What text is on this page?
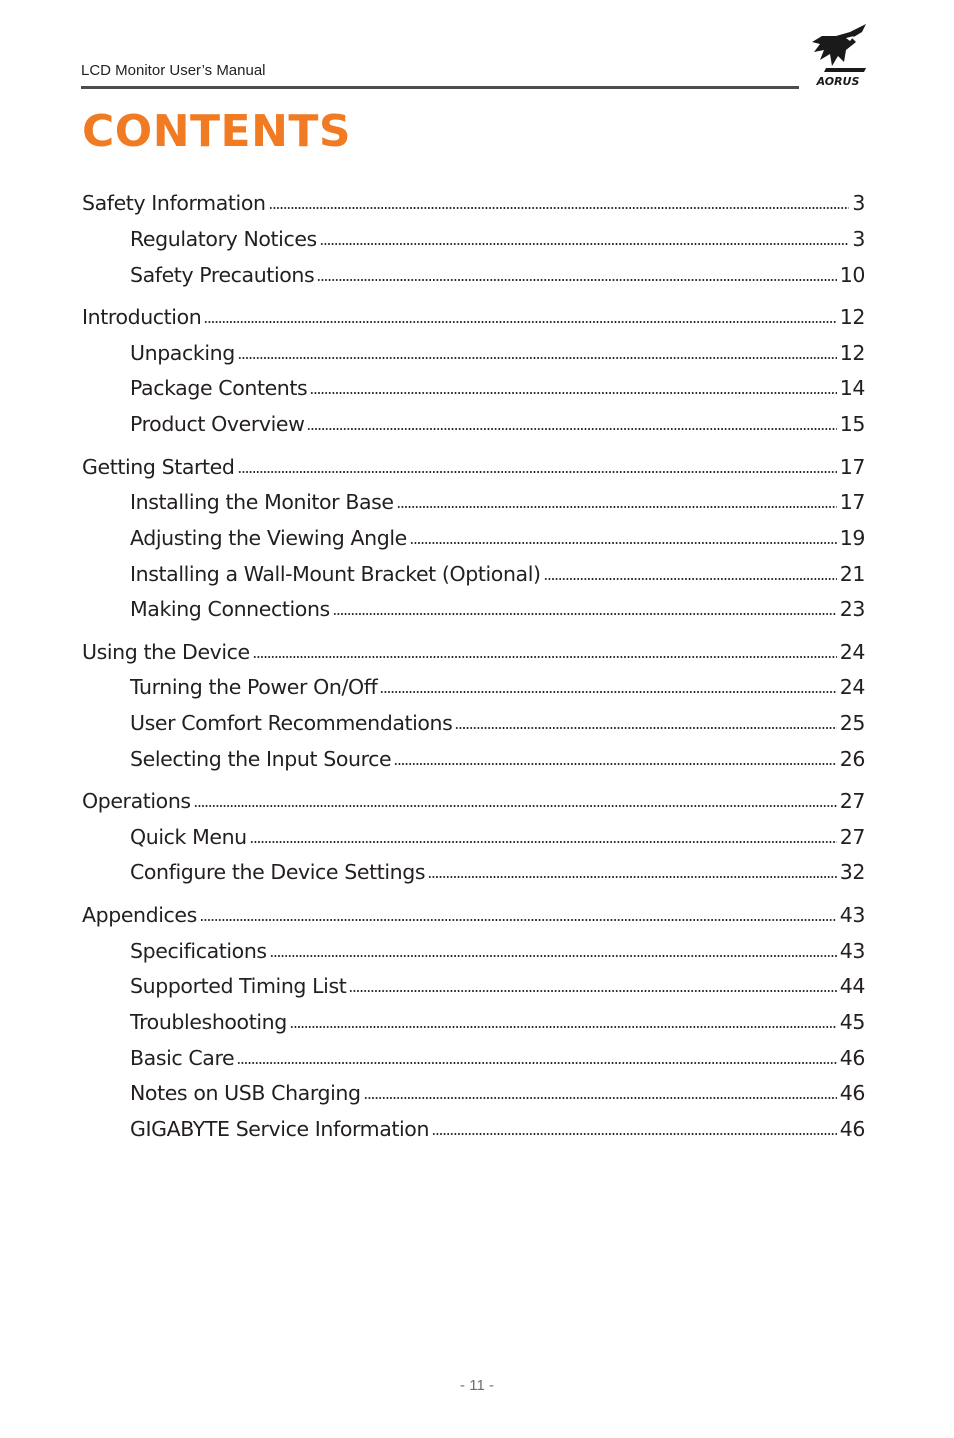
LCD Monitor User’s Manual
AORUS
CONTENTS
Safety Information	3
Regulatory Notices	3
Safety Precautions	10
Introduction	12
Unpacking	12
Package Contents	14
Product Overview	15
Getting Started	17
Installing the Monitor Base	17
Adjusting the Viewing Angle	19
Installing a Wall-Mount Bracket (Optional)	21
Making Connections	23
Using the Device	24
Turning the Power On/Off	24
User Comfort Recommendations	25
Selecting the Input Source	26
Operations	27
Quick Menu	27
Configure the Device Settings	32
Appendices	43
Specifications	43
Supported Timing List	44
Troubleshooting	45
Basic Care	46
Notes on USB Charging	46
GIGABYTE Service Information	46
- 11 -
